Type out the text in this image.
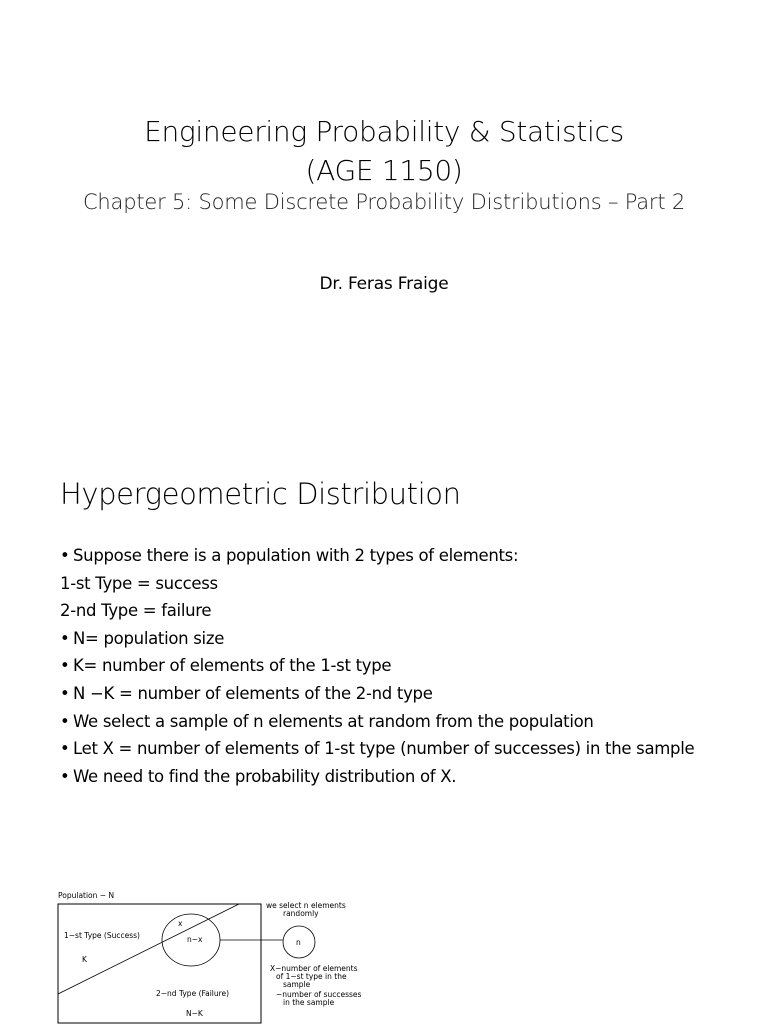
Engineering Probability & Statistics
(AGE 1150)
Chapter 5: Some Discrete Probability Distributions – Part 2
Dr. Feras Fraige
Hypergeometric Distribution
• Suppose there is a population with 2 types of elements:
1-st Type = success
2-nd Type = failure
• N= population size
• K= number of elements of the 1-st type
• N −K = number of elements of the 2-nd type
• We select a sample of n elements at random from the population
• Let X = number of elements of 1-st type (number of successes) in the sample
• We need to find the probability distribution of X.
Population − N
1−st Type (Success)
K
x
n−x
2−nd Type (Failure)
N−K
n
we select n elements
randomly
X−number of elements
of 1−st type in the
sample
−number of successes
in the sample
